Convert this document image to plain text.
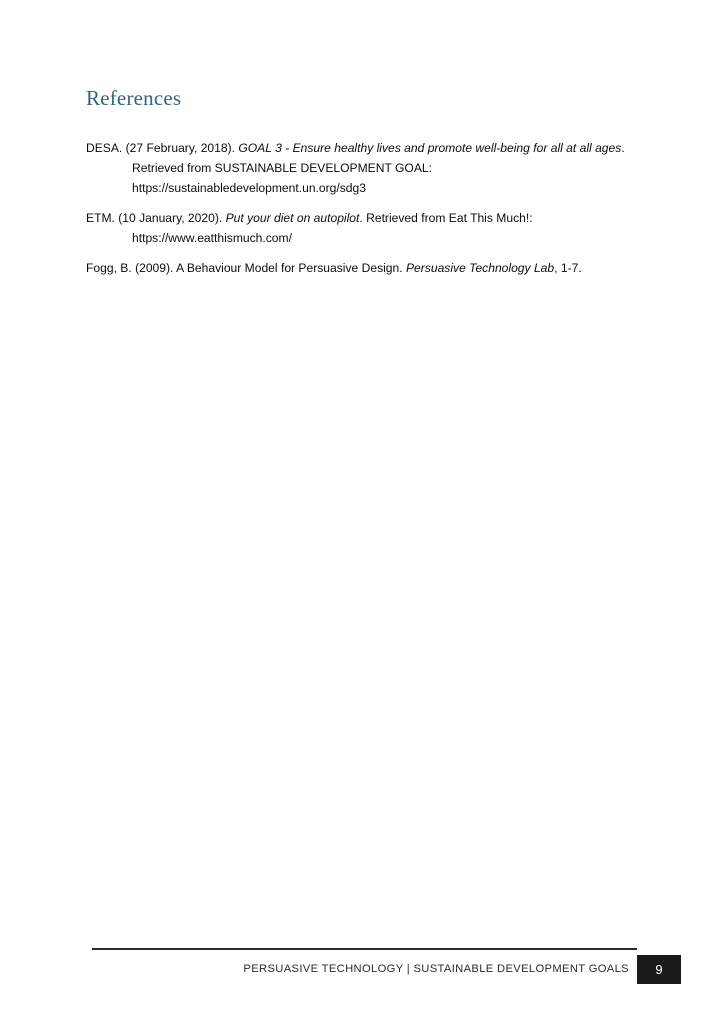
References
DESA. (27 February, 2018). GOAL 3 - Ensure healthy lives and promote well-being for all at all ages.
Retrieved from SUSTAINABLE DEVELOPMENT GOAL:
https://sustainabledevelopment.un.org/sdg3
ETM. (10 January, 2020). Put your diet on autopilot. Retrieved from Eat This Much!:
https://www.eatthismuch.com/
Fogg, B. (2009). A Behaviour Model for Persuasive Design. Persuasive Technology Lab, 1-7.
PERSUASIVE TECHNOLOGY | SUSTAINABLE DEVELOPMENT GOALS	9
